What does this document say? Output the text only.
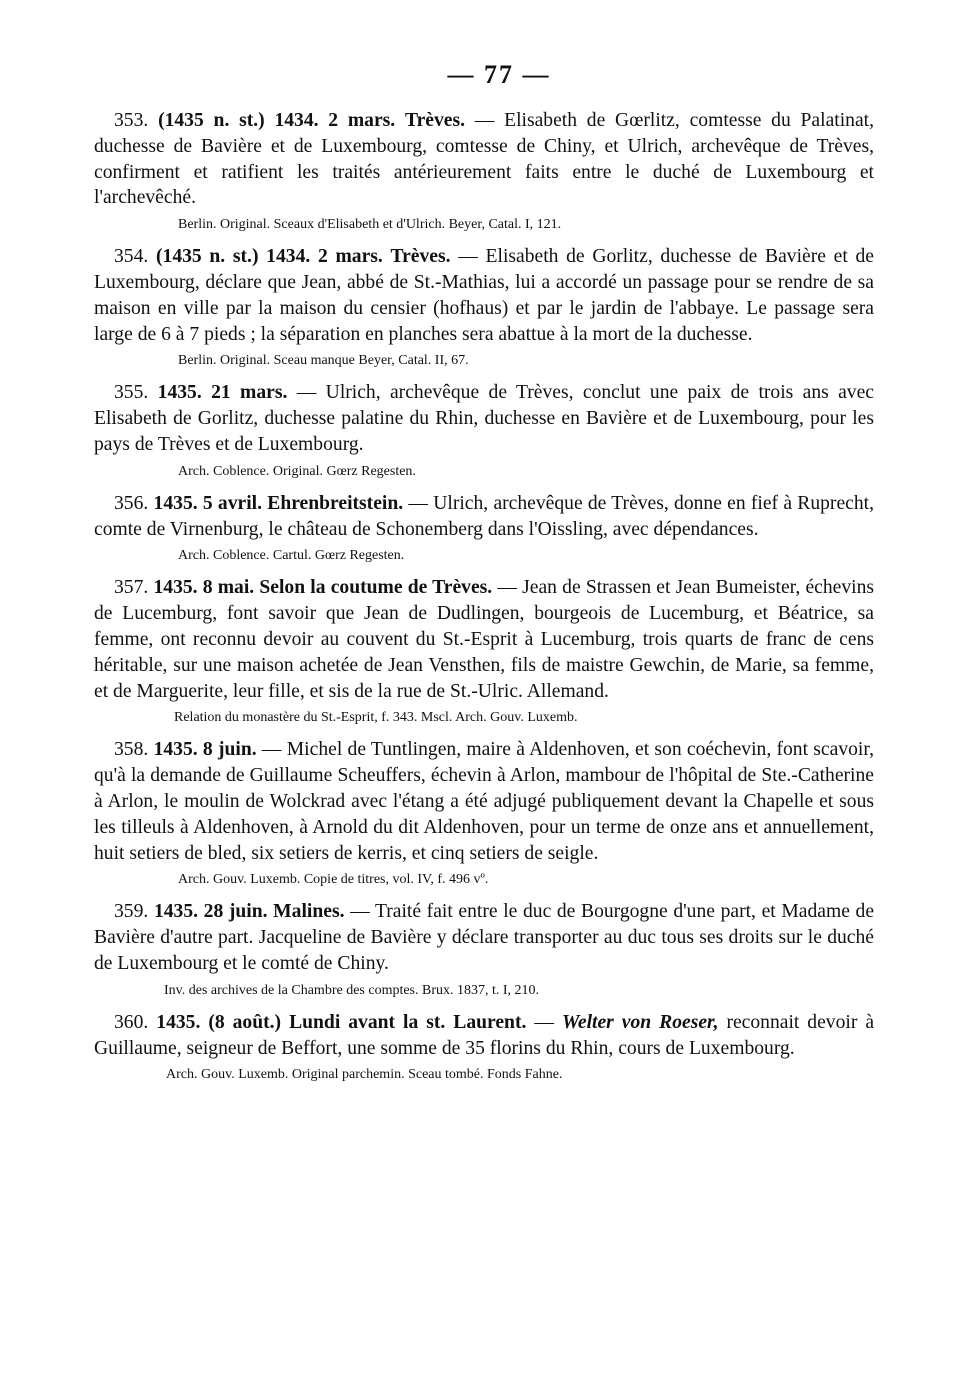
— 77 —

353. (1435 n. st.) 1434. 2 mars. Trèves. — Elisabeth de Gœrlitz, comtesse du Palatinat, duchesse de Bavière et de Luxembourg, comtesse de Chiny, et Ulrich, archevêque de Trèves, confirment et ratifient les traités antérieurement faits entre le duché de Luxembourg et l'archevêché.

Berlin. Original. Sceaux d'Elisabeth et d'Ulrich. Beyer, Catal. I, 121.

354. (1435 n. st.) 1434. 2 mars. Trèves. — Elisabeth de Gorlitz, duchesse de Bavière et de Luxembourg, déclare que Jean, abbé de St.-Mathias, lui a accordé un passage pour se rendre de sa maison en ville par la maison du censier (hofhaus) et par le jardin de l'abbaye. Le passage sera large de 6 à 7 pieds ; la séparation en planches sera abattue à la mort de la duchesse.

Berlin. Original. Sceau manque Beyer, Catal. II, 67.

355. 1435. 21 mars. — Ulrich, archevêque de Trèves, conclut une paix de trois ans avec Elisabeth de Gorlitz, duchesse palatine du Rhin, duchesse en Bavière et de Luxembourg, pour les pays de Trèves et de Luxembourg.

Arch. Coblence. Original. Gœrz Regesten.

356. 1435. 5 avril. Ehrenbreitstein. — Ulrich, archevêque de Trèves, donne en fief à Ruprecht, comte de Virnenburg, le château de Schonemberg dans l'Oissling, avec dépendances.

Arch. Coblence. Cartul. Gœrz Regesten.

357. 1435. 8 mai. Selon la coutume de Trèves. — Jean de Strassen et Jean Bumeister, échevins de Lucemburg, font savoir que Jean de Dudlingen, bourgeois de Lucemburg, et Béatrice, sa femme, ont reconnu devoir au couvent du St.-Esprit à Lucemburg, trois quarts de franc de cens héritable, sur une maison achetée de Jean Vensthen, fils de maistre Gewchin, de Marie, sa femme, et de Marguerite, leur fille, et sis de la rue de St.-Ulric. Allemand.

Relation du monastère du St.-Esprit, f. 343. Mscl. Arch. Gouv. Luxemb.

358. 1435. 8 juin. — Michel de Tuntlingen, maire à Aldenhoven, et son coéchevin, font scavoir, qu'à la demande de Guillaume Scheuffers, échevin à Arlon, mambour de l'hôpital de Ste.-Catherine à Arlon, le moulin de Wolckrad avec l'étang a été adjugé publiquement devant la Chapelle et sous les tilleuls à Aldenhoven, à Arnold du dit Aldenhoven, pour un terme de onze ans et annuellement, huit setiers de bled, six setiers de kerris, et cinq setiers de seigle.

Arch. Gouv. Luxemb. Copie de titres, vol. IV, f. 496 vº.

359. 1435. 28 juin. Malines. — Traité fait entre le duc de Bourgogne d'une part, et Madame de Bavière d'autre part. Jacqueline de Bavière y déclare transporter au duc tous ses droits sur le duché de Luxembourg et le comté de Chiny.

Inv. des archives de la Chambre des comptes. Brux. 1837, t. I, 210.

360. 1435. (8 août.) Lundi avant la st. Laurent. — Welter von Roeser, reconnait devoir à Guillaume, seigneur de Beffort, une somme de 35 florins du Rhin, cours de Luxembourg.

Arch. Gouv. Luxemb. Original parchemin. Sceau tombé. Fonds Fahne.
